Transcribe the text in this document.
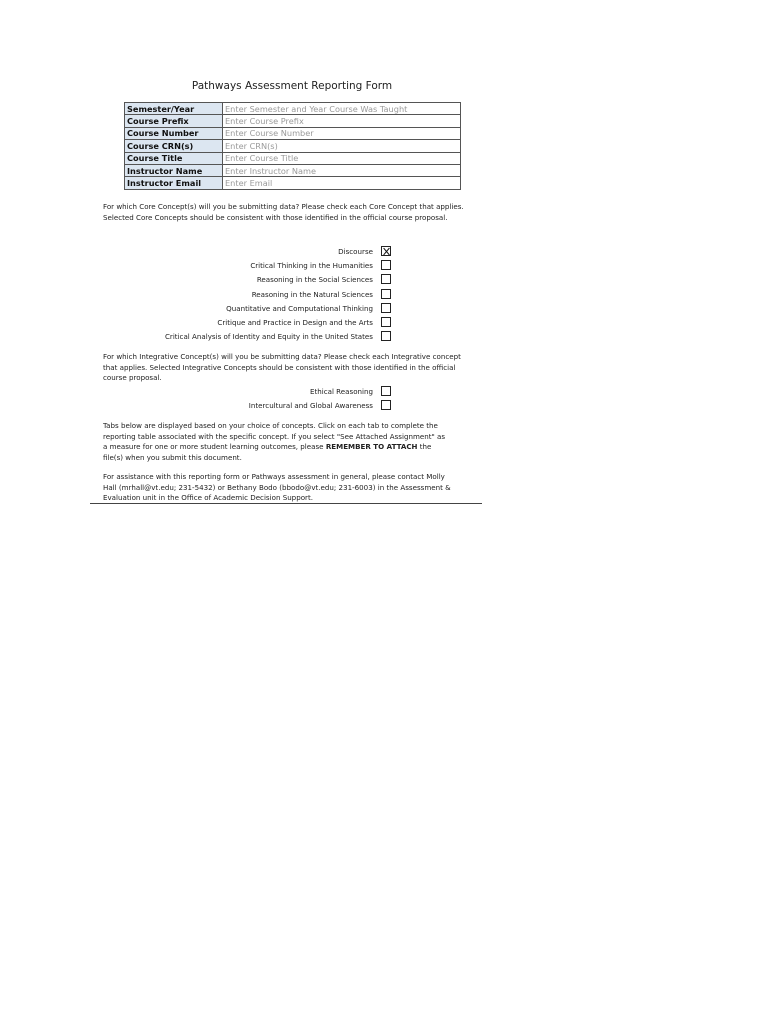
Pathways Assessment Reporting Form
Semester/Year	Enter Semester and Year Course Was Taught
Course Prefix	Enter Course Prefix
Course Number	Enter Course Number
Course CRN(s)	Enter CRN(s)
Course Title	Enter Course Title
Instructor Name	Enter Instructor Name
Instructor Email	Enter Email
For which Core Concept(s) will you be submitting data? Please check each Core Concept that applies. Selected Core Concepts should be consistent with those identified in the official course proposal.
Discourse
Critical Thinking in the Humanities
Reasoning in the Social Sciences
Reasoning in the Natural Sciences
Quantitative and Computational Thinking
Critique and Practice in Design and the Arts
Critical Analysis of Identity and Equity in the United States
For which Integrative Concept(s) will you be submitting data? Please check each Integrative concept that applies. Selected Integrative Concepts should be consistent with those identified in the official course proposal.
Ethical Reasoning
Intercultural and Global Awareness
Tabs below are displayed based on your choice of concepts. Click on each tab to complete the reporting table associated with the specific concept. If you select "See Attached Assignment" as a measure for one or more student learning outcomes, please REMEMBER TO ATTACH the file(s) when you submit this document.
For assistance with this reporting form or Pathways assessment in general, please contact Molly Hall (mrhall@vt.edu; 231-5432) or Bethany Bodo (bbodo@vt.edu; 231-6003) in the Assessment & Evaluation unit in the Office of Academic Decision Support.
